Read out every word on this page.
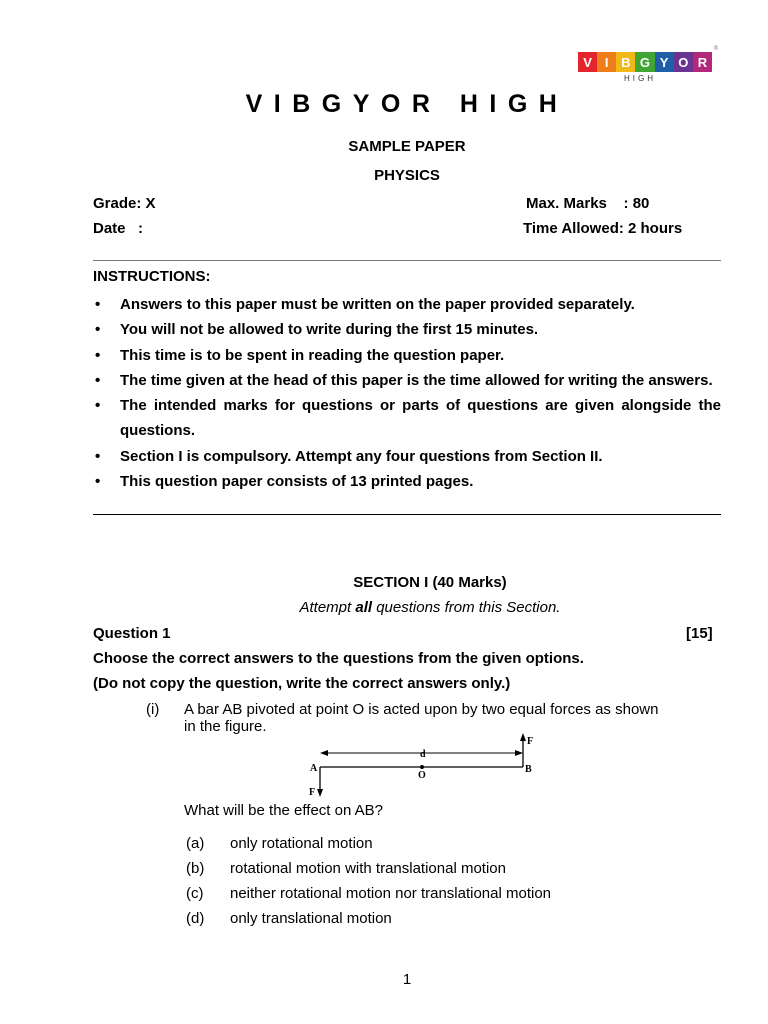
V I B G Y O R
HIGH
®
VIBGYOR HIGH
SAMPLE PAPER
PHYSICS
Grade: X	Max. Marks    : 80
Date   :	Time Allowed: 2 hours
INSTRUCTIONS:
• Answers to this paper must be written on the paper provided separately.
• You will not be allowed to write during the first 15 minutes.
• This time is to be spent in reading the question paper.
• The time given at the head of this paper is the time allowed for writing the answers.
• The intended marks for questions or parts of questions are given alongside the questions.
• Section I is compulsory. Attempt any four questions from Section II.
• This question paper consists of 13 printed pages.
SECTION I (40 Marks)
Attempt all questions from this Section.
Question 1	[15]
Choose the correct answers to the questions from the given options.
(Do not copy the question, write the correct answers only.)
(i) A bar AB pivoted at point O is acted upon by two equal forces as shown
in the figure.
A	B
O
d
F
F
What will be the effect on AB?
(a) only rotational motion
(b) rotational motion with translational motion
(c) neither rotational motion nor translational motion
(d) only translational motion
1
